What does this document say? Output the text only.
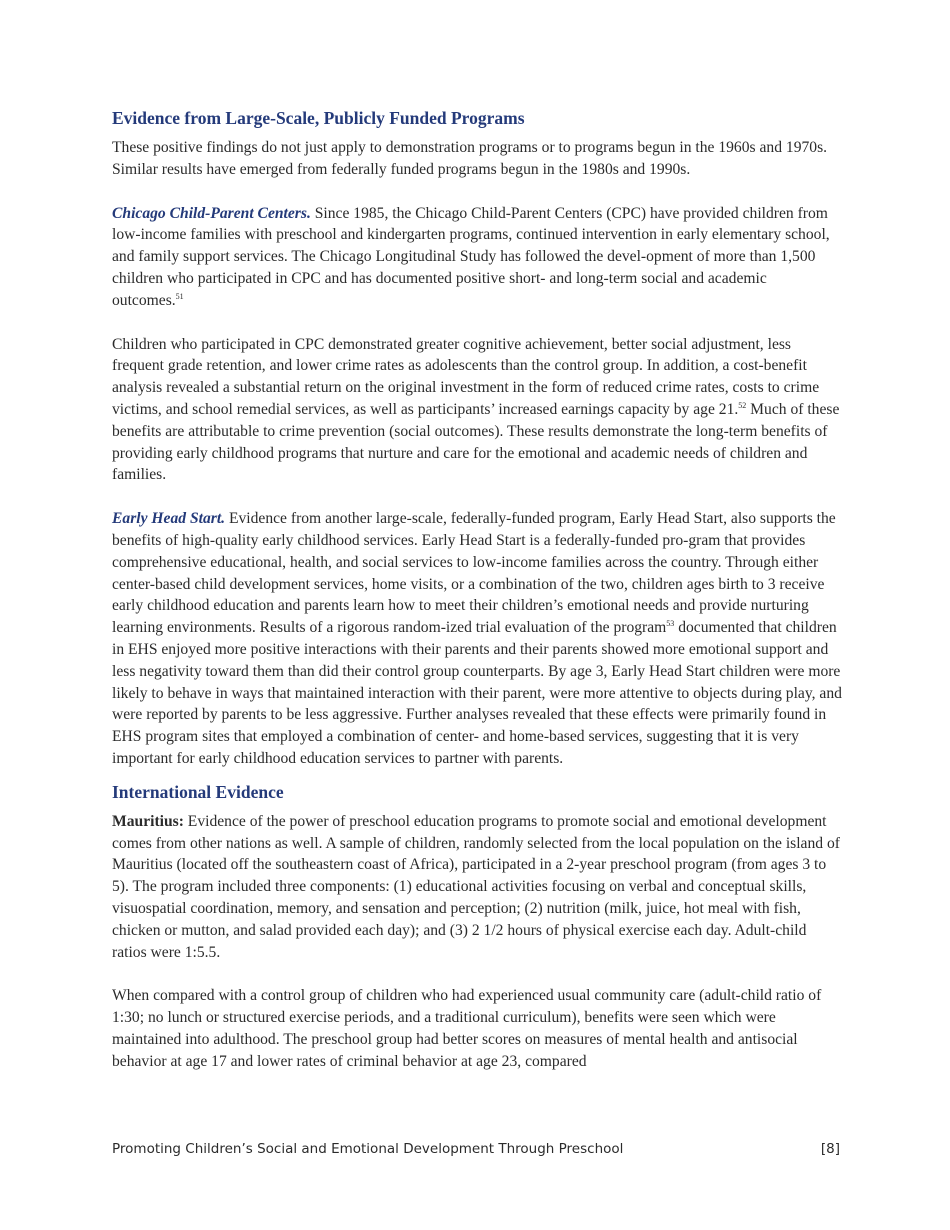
Evidence from Large-Scale, Publicly Funded Programs

These positive findings do not just apply to demonstration programs or to programs begun in the 1960s and 1970s. Similar results have emerged from federally funded programs begun in the 1980s and 1990s.

Chicago Child-Parent Centers. Since 1985, the Chicago Child-Parent Centers (CPC) have provided children from low-income families with preschool and kindergarten programs, continued intervention in early elementary school, and family support services. The Chicago Longitudinal Study has followed the devel-opment of more than 1,500 children who participated in CPC and has documented positive short- and long-term social and academic outcomes.$^{51}$

Children who participated in CPC demonstrated greater cognitive achievement, better social adjustment, less frequent grade retention, and lower crime rates as adolescents than the control group. In addition, a cost-benefit analysis revealed a substantial return on the original investment in the form of reduced crime rates, costs to crime victims, and school remedial services, as well as participants’ increased earnings capacity by age 21.52 Much of these benefits are attributable to crime prevention (social outcomes). These results demonstrate the long-term benefits of providing early childhood programs that nurture and care for the emotional and academic needs of children and families.

Early Head Start. Evidence from another large-scale, federally-funded program, Early Head Start, also supports the benefits of high-quality early childhood services. Early Head Start is a federally-funded pro-gram that provides comprehensive educational, health, and social services to low-income families across the country. Through either center-based child development services, home visits, or a combination of the two, children ages birth to 3 receive early childhood education and parents learn how to meet their children’s emotional needs and provide nurturing learning environments. Results of a rigorous random-ized trial evaluation of the program$^{53}$ documented that children in EHS enjoyed more positive interactions with their parents and their parents showed more emotional support and less negativity toward them than did their control group counterparts. By age 3, Early Head Start children were more likely to behave in ways that maintained interaction with their parent, were more attentive to objects during play, and were reported by parents to be less aggressive. Further analyses revealed that these effects were primarily found in EHS program sites that employed a combination of center- and home-based services, suggesting that it is very important for early childhood education services to partner with parents.

International Evidence

Mauritius: Evidence of the power of preschool education programs to promote social and emotional development comes from other nations as well. A sample of children, randomly selected from the local population on the island of Mauritius (located off the southeastern coast of Africa), participated in a 2-year preschool program (from ages 3 to 5). The program included three components: (1) educational activities focusing on verbal and conceptual skills, visuospatial coordination, memory, and sensation and perception; (2) nutrition (milk, juice, hot meal with fish, chicken or mutton, and salad provided each day); and (3) 2 1/2 hours of physical exercise each day. Adult-child ratios were 1:5.5.

When compared with a control group of children who had experienced usual community care (adult-child ratio of 1:30; no lunch or structured exercise periods, and a traditional curriculum), benefits were seen which were maintained into adulthood. The preschool group had better scores on measures of mental health and antisocial behavior at age 17 and lower rates of criminal behavior at age 23, compared

Promoting Children’s Social and Emotional Development Through Preschool	[8]
